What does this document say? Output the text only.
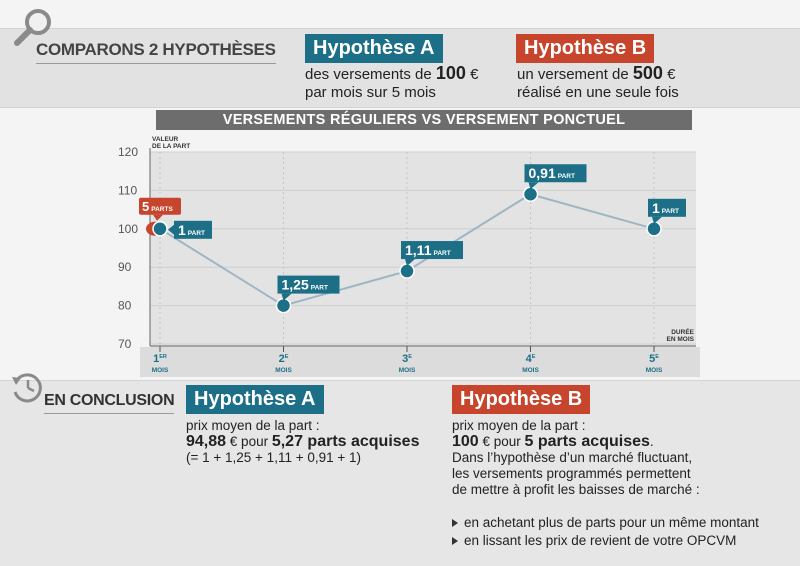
COMPARONS 2 HYPOTHÈSES	Hypothèse A	Hypothèse B
des versements de 100 €
par mois sur 5 mois
un versement de 500 €
réalisé en une seule fois
VERSEMENTS RÉGULIERS VS VERSEMENT PONCTUEL
70
80
90
100
110
120
VALEUR
DE LA PART
DURÉE
EN MOIS
1 PART
1,25 PART
1,11 PART
0,91 PART
1 PART
5 PARTS
1ER
MOIS
$2^E$
MOIS
$3^E$
MOIS
$4^E$
MOIS
$5^E$
MOIS
EN CONCLUSION Hypothèse A	Hypothèse B
prix moyen de la part :
94,88 € pour 5,27 parts acquises
(= 1 + 1,25 + 1,11 + 0,91 + 1)
prix moyen de la part :
100 € pour 5 parts acquises.
Dans l’hypothèse d’un marché fluctuant,
les versements programmés permettent
de mettre à profit les baisses de marché :
en achetant plus de parts pour un même montant
en lissant les prix de revient de votre OPCVM
